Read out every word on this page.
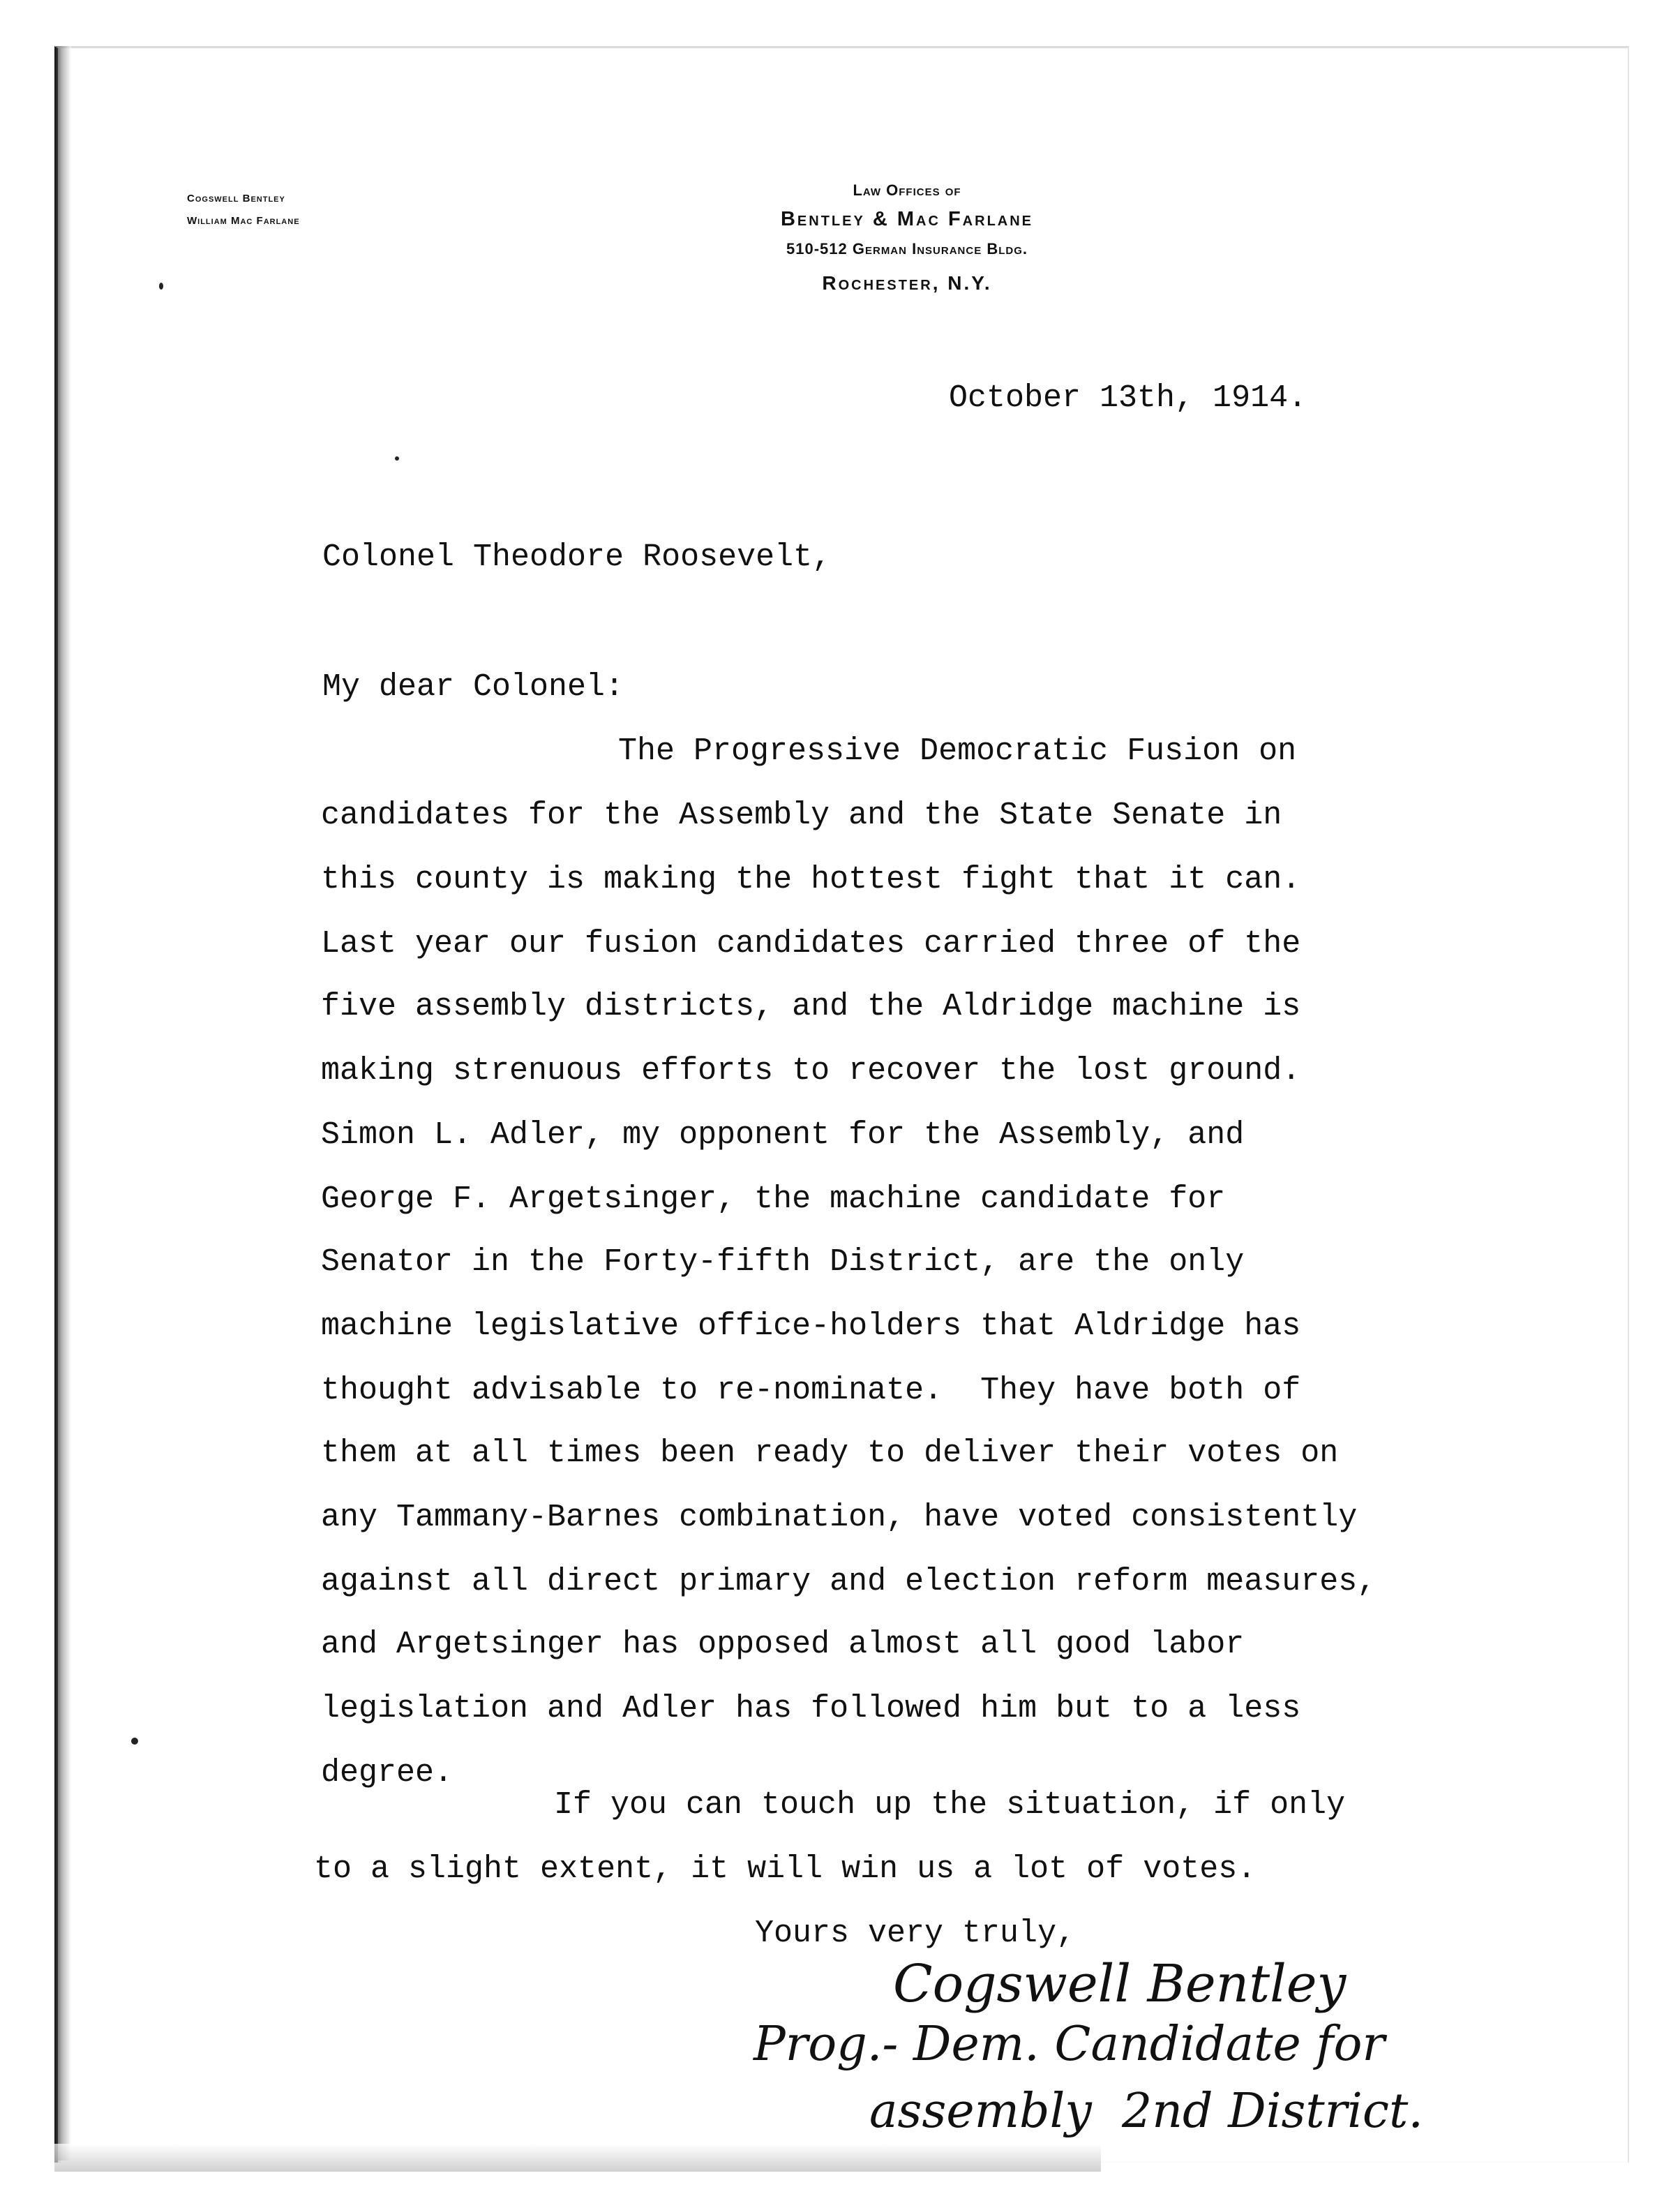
Cogswell Bentley
William Mac Farlane
Law Offices of
Bentley & Mac Farlane
510-512 German Insurance Bldg.
Rochester, N.Y.
October 13th, 1914.
Colonel Theodore Roosevelt,
My dear Colonel:
The Progressive Democratic Fusion on
candidates for the Assembly and the State Senate in
this county is making the hottest fight that it can.
Last year our fusion candidates carried three of the
five assembly districts, and the Aldridge machine is
making strenuous efforts to recover the lost ground.
Simon L. Adler, my opponent for the Assembly, and
George F. Argetsinger, the machine candidate for
Senator in the Forty-fifth District, are the only
machine legislative office-holders that Aldridge has
thought advisable to re-nominate.  They have both of
them at all times been ready to deliver their votes on
any Tammany-Barnes combination, have voted consistently
against all direct primary and election reform measures,
and Argetsinger has opposed almost all good labor
legislation and Adler has followed him but to a less
degree.
If you can touch up the situation, if only
to a slight extent, it will win us a lot of votes.
Yours very truly,
Cogswell Bentley
Prog.- Dem. Candidate for
assembly  2nd District.
